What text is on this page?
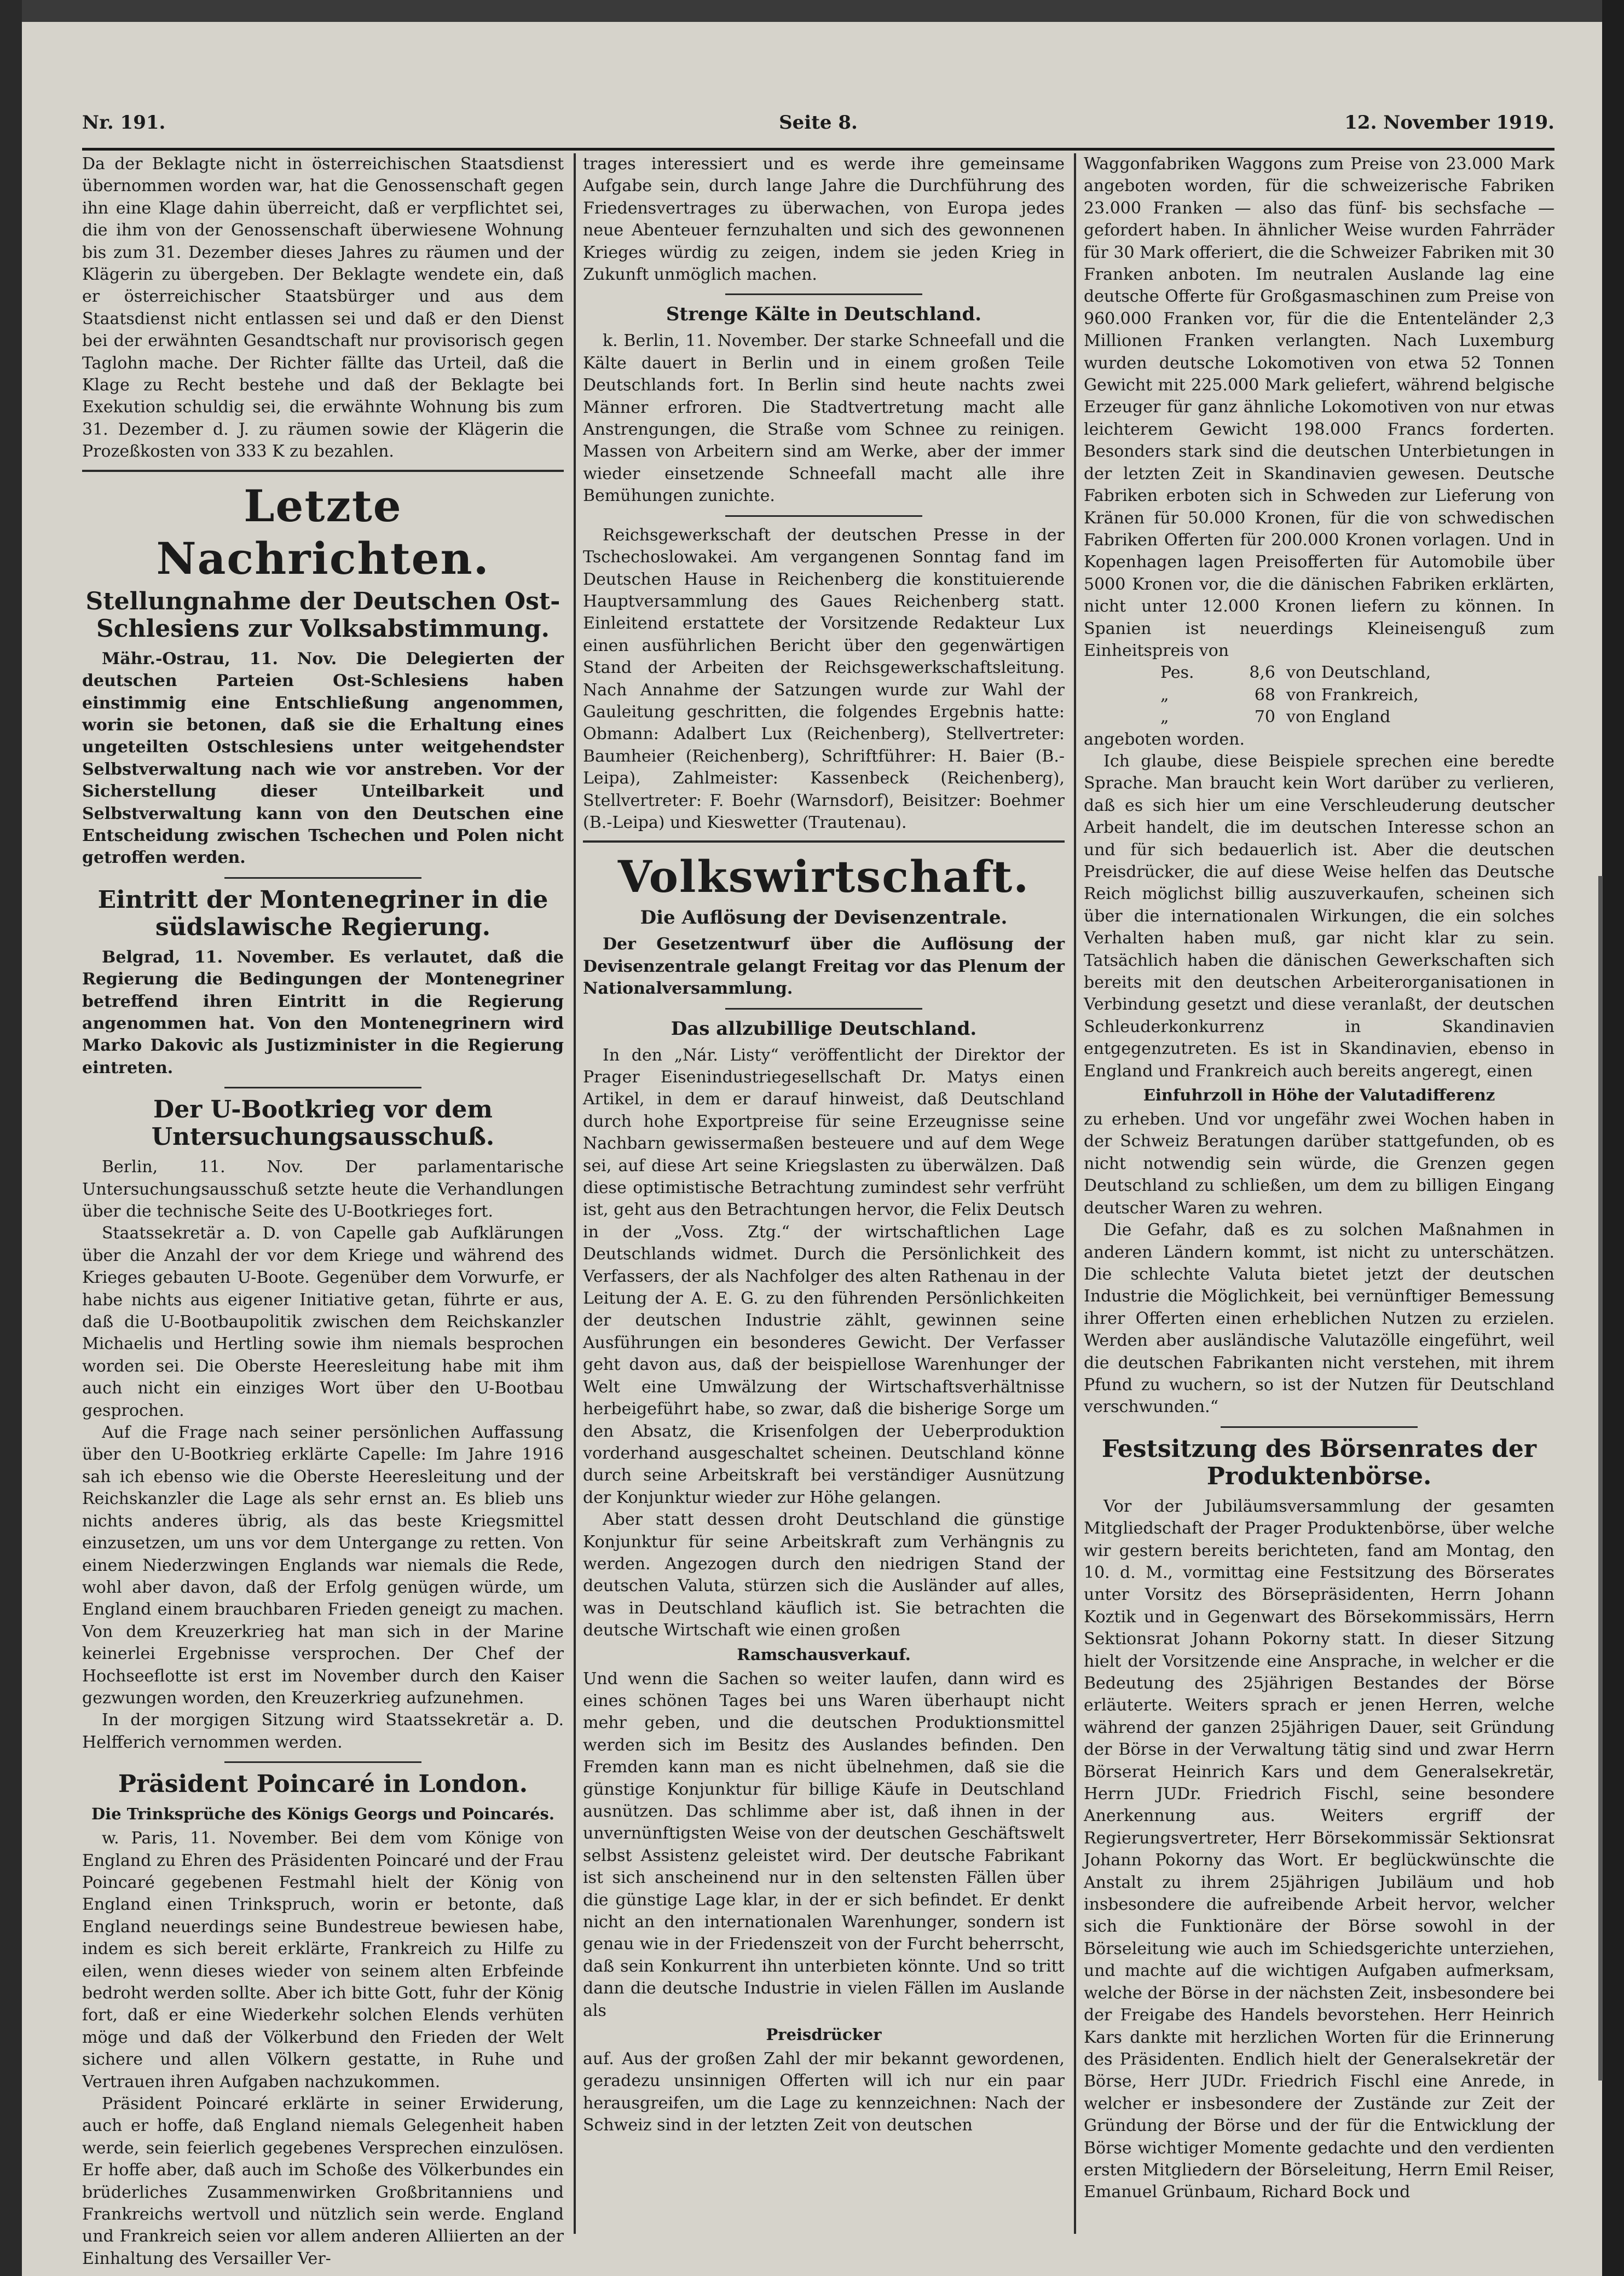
Nr. 191.	Seite 8.	12. November 1919.

Da der Beklagte nicht in österreichischen Staatsdienst übernommen worden war, hat die Genossenschaft gegen ihn eine Klage dahin überreicht, daß er verpflichtet sei, die ihm von der Genossenschaft überwiesene Wohnung bis zum 31. Dezember dieses Jahres zu räumen und der Klägerin zu übergeben. Der Beklagte wendete ein, daß er österreichischer Staatsbürger und aus dem Staatsdienst nicht entlassen sei und daß er den Dienst bei der erwähnten Gesandtschaft nur provisorisch gegen Taglohn mache. Der Richter fällte das Urteil, daß die Klage zu Recht bestehe und daß der Beklagte bei Exekution schuldig sei, die erwähnte Wohnung bis zum 31. Dezember d. J. zu räumen sowie der Klägerin die Prozeßkosten von 333 K zu bezahlen.

Letzte Nachrichten.
Stellungnahme der Deutschen Ost-Schlesiens zur Volksabstimmung.

Mähr.-Ostrau, 11. Nov. Die Delegierten der deutschen Parteien Ost-Schlesiens haben einstimmig eine Entschließung angenommen, worin sie betonen, daß sie die Erhaltung eines ungeteilten Ostschlesiens unter weitgehendster Selbstverwaltung nach wie vor anstreben. Vor der Sicherstellung dieser Unteilbarkeit und Selbstverwaltung kann von den Deutschen eine Entscheidung zwischen Tschechen und Polen nicht getroffen werden.

Eintritt der Montenegriner in die südslawische Regierung.

Belgrad, 11. November. Es verlautet, daß die Regierung die Bedingungen der Montenegriner betreffend ihren Eintritt in die Regierung angenommen hat. Von den Montenegrinern wird Marko Dakovic als Justizminister in die Regierung eintreten.

Der U-Bootkrieg vor dem Untersuchungsausschuß.

Berlin, 11. Nov. Der parlamentarische Untersuchungsausschuß setzte heute die Verhandlungen über die technische Seite des U-Bootkrieges fort.

Staatssekretär a. D. von Capelle gab Aufklärungen über die Anzahl der vor dem Kriege und während des Krieges gebauten U-Boote. Gegenüber dem Vorwurfe, er habe nichts aus eigener Initiative getan, führte er aus, daß die U-Bootbaupolitik zwischen dem Reichskanzler Michaelis und Hertling sowie ihm niemals besprochen worden sei. Die Oberste Heeresleitung habe mit ihm auch nicht ein einziges Wort über den U-Bootbau gesprochen.

Auf die Frage nach seiner persönlichen Auffassung über den U-Bootkrieg erklärte Capelle: Im Jahre 1916 sah ich ebenso wie die Oberste Heeresleitung und der Reichskanzler die Lage als sehr ernst an. Es blieb uns nichts anderes übrig, als das beste Kriegsmittel einzusetzen, um uns vor dem Untergange zu retten. Von einem Niederzwingen Englands war niemals die Rede, wohl aber davon, daß der Erfolg genügen würde, um England einem brauchbaren Frieden geneigt zu machen. Von dem Kreuzerkrieg hat man sich in der Marine keinerlei Ergebnisse versprochen. Der Chef der Hochseeflotte ist erst im November durch den Kaiser gezwungen worden, den Kreuzerkrieg aufzunehmen.

In der morgigen Sitzung wird Staatssekretär a. D. Helfferich vernommen werden.

Präsident Poincaré in London.
Die Trinksprüche des Königs Georgs und Poincarés.

w. Paris, 11. November. Bei dem vom Könige von England zu Ehren des Präsidenten Poincaré und der Frau Poincaré gegebenen Festmahl hielt der König von England einen Trinkspruch, worin er betonte, daß England neuerdings seine Bundestreue bewiesen habe, indem es sich bereit erklärte, Frankreich zu Hilfe zu eilen, wenn dieses wieder von seinem alten Erbfeinde bedroht werden sollte. Aber ich bitte Gott, fuhr der König fort, daß er eine Wiederkehr solchen Elends verhüten möge und daß der Völkerbund den Frieden der Welt sichere und allen Völkern gestatte, in Ruhe und Vertrauen ihren Aufgaben nachzukommen.

Präsident Poincaré erklärte in seiner Erwiderung, auch er hoffe, daß England niemals Gelegenheit haben werde, sein feierlich gegebenes Versprechen einzulösen. Er hoffe aber, daß auch im Schoße des Völkerbundes ein brüderliches Zusammenwirken Großbritanniens und Frankreichs wertvoll und nützlich sein werde. England und Frankreich seien vor allem anderen Alliierten an der Einhaltung des Versailler Ver-

trages interessiert und es werde ihre gemeinsame Aufgabe sein, durch lange Jahre die Durchführung des Friedensvertrages zu überwachen, von Europa jedes neue Abenteuer fernzuhalten und sich des gewonnenen Krieges würdig zu zeigen, indem sie jeden Krieg in Zukunft unmöglich machen.

Strenge Kälte in Deutschland.

k. Berlin, 11. November. Der starke Schneefall und die Kälte dauert in Berlin und in einem großen Teile Deutschlands fort. In Berlin sind heute nachts zwei Männer erfroren. Die Stadtvertretung macht alle Anstrengungen, die Straße vom Schnee zu reinigen. Massen von Arbeitern sind am Werke, aber der immer wieder einsetzende Schneefall macht alle ihre Bemühungen zunichte.

Reichsgewerkschaft der deutschen Presse in der Tschechoslowakei. Am vergangenen Sonntag fand im Deutschen Hause in Reichenberg die konstituierende Hauptversammlung des Gaues Reichenberg statt. Einleitend erstattete der Vorsitzende Redakteur Lux einen ausführlichen Bericht über den gegenwärtigen Stand der Arbeiten der Reichsgewerkschaftsleitung. Nach Annahme der Satzungen wurde zur Wahl der Gauleitung geschritten, die folgendes Ergebnis hatte: Obmann: Adalbert Lux (Reichenberg), Stellvertreter: Baumheier (Reichenberg), Schriftführer: H. Baier (B.-Leipa), Zahlmeister: Kassenbeck (Reichenberg), Stellvertreter: F. Boehr (Warnsdorf), Beisitzer: Boehmer (B.-Leipa) und Kieswetter (Trautenau).

Volkswirtschaft.
Die Auflösung der Devisenzentrale.

Der Gesetzentwurf über die Auflösung der Devisenzentrale gelangt Freitag vor das Plenum der Nationalversammlung.

Das allzubillige Deutschland.

In den „Nár. Listy“ veröffentlicht der Direktor der Prager Eisenindustriegesellschaft Dr. Matys einen Artikel, in dem er darauf hinweist, daß Deutschland durch hohe Exportpreise für seine Erzeugnisse seine Nachbarn gewissermaßen besteuere und auf dem Wege sei, auf diese Art seine Kriegslasten zu überwälzen. Daß diese optimistische Betrachtung zumindest sehr verfrüht ist, geht aus den Betrachtungen hervor, die Felix Deutsch in der „Voss. Ztg.“ der wirtschaftlichen Lage Deutschlands widmet. Durch die Persönlichkeit des Verfassers, der als Nachfolger des alten Rathenau in der Leitung der A. E. G. zu den führenden Persönlichkeiten der deutschen Industrie zählt, gewinnen seine Ausführungen ein besonderes Gewicht. Der Verfasser geht davon aus, daß der beispiellose Warenhunger der Welt eine Umwälzung der Wirtschaftsverhältnisse herbeigeführt habe, so zwar, daß die bisherige Sorge um den Absatz, die Krisenfolgen der Ueberproduktion vorderhand ausgeschaltet scheinen. Deutschland könne durch seine Arbeitskraft bei verständiger Ausnützung der Konjunktur wieder zur Höhe gelangen.

Aber statt dessen droht Deutschland die günstige Konjunktur für seine Arbeitskraft zum Verhängnis zu werden. Angezogen durch den niedrigen Stand der deutschen Valuta, stürzen sich die Ausländer auf alles, was in Deutschland käuflich ist. Sie betrachten die deutsche Wirtschaft wie einen großen

Ramschausverkauf.

Und wenn die Sachen so weiter laufen, dann wird es eines schönen Tages bei uns Waren überhaupt nicht mehr geben, und die deutschen Produktionsmittel werden sich im Besitz des Auslandes befinden. Den Fremden kann man es nicht übelnehmen, daß sie die günstige Konjunktur für billige Käufe in Deutschland ausnützen. Das schlimme aber ist, daß ihnen in der unvernünftigsten Weise von der deutschen Geschäftswelt selbst Assistenz geleistet wird. Der deutsche Fabrikant ist sich anscheinend nur in den seltensten Fällen über die günstige Lage klar, in der er sich befindet. Er denkt nicht an den internationalen Warenhunger, sondern ist genau wie in der Friedenszeit von der Furcht beherrscht, daß sein Konkurrent ihn unterbieten könnte. Und so tritt dann die deutsche Industrie in vielen Fällen im Auslande als

Preisdrücker

auf. Aus der großen Zahl der mir bekannt gewordenen, geradezu unsinnigen Offerten will ich nur ein paar herausgreifen, um die Lage zu kennzeichnen: Nach der Schweiz sind in der letzten Zeit von deutschen

Waggonfabriken Waggons zum Preise von 23.000 Mark angeboten worden, für die schweizerische Fabriken 23.000 Franken — also das fünf- bis sechsfache — gefordert haben. In ähnlicher Weise wurden Fahrräder für 30 Mark offeriert, die die Schweizer Fabriken mit 30 Franken anboten. Im neutralen Auslande lag eine deutsche Offerte für Großgasmaschinen zum Preise von 960.000 Franken vor, für die die Ententeländer 2,3 Millionen Franken verlangten. Nach Luxemburg wurden deutsche Lokomotiven von etwa 52 Tonnen Gewicht mit 225.000 Mark geliefert, während belgische Erzeuger für ganz ähnliche Lokomotiven von nur etwas leichterem Gewicht 198.000 Francs forderten. Besonders stark sind die deutschen Unterbietungen in der letzten Zeit in Skandinavien gewesen. Deutsche Fabriken erboten sich in Schweden zur Lieferung von Kränen für 50.000 Kronen, für die von schwedischen Fabriken Offerten für 200.000 Kronen vorlagen. Und in Kopenhagen lagen Preisofferten für Automobile über 5000 Kronen vor, die die dänischen Fabriken erklärten, nicht unter 12.000 Kronen liefern zu können. In Spanien ist neuerdings Kleineisenguß zum Einheitspreis von

Pes.	8,6 von Deutschland,
„	68 von Frankreich,
„	70 von England

angeboten worden.

Ich glaube, diese Beispiele sprechen eine beredte Sprache. Man braucht kein Wort darüber zu verlieren, daß es sich hier um eine Verschleuderung deutscher Arbeit handelt, die im deutschen Interesse schon an und für sich bedauerlich ist. Aber die deutschen Preisdrücker, die auf diese Weise helfen das Deutsche Reich möglichst billig auszuverkaufen, scheinen sich über die internationalen Wirkungen, die ein solches Verhalten haben muß, gar nicht klar zu sein. Tatsächlich haben die dänischen Gewerkschaften sich bereits mit den deutschen Arbeiterorganisationen in Verbindung gesetzt und diese veranlaßt, der deutschen Schleuderkonkurrenz in Skandinavien entgegenzutreten. Es ist in Skandinavien, ebenso in England und Frankreich auch bereits angeregt, einen

Einfuhrzoll in Höhe der Valutadifferenz

zu erheben. Und vor ungefähr zwei Wochen haben in der Schweiz Beratungen darüber stattgefunden, ob es nicht notwendig sein würde, die Grenzen gegen Deutschland zu schließen, um dem zu billigen Eingang deutscher Waren zu wehren.

Die Gefahr, daß es zu solchen Maßnahmen in anderen Ländern kommt, ist nicht zu unterschätzen. Die schlechte Valuta bietet jetzt der deutschen Industrie die Möglichkeit, bei vernünftiger Bemessung ihrer Offerten einen erheblichen Nutzen zu erzielen. Werden aber ausländische Valutazölle eingeführt, weil die deutschen Fabrikanten nicht verstehen, mit ihrem Pfund zu wuchern, so ist der Nutzen für Deutschland verschwunden.“

Festsitzung des Börsenrates der Produktenbörse.

Vor der Jubiläumsversammlung der gesamten Mitgliedschaft der Prager Produktenbörse, über welche wir gestern bereits berichteten, fand am Montag, den 10. d. M., vormittag eine Festsitzung des Börserates unter Vorsitz des Börsepräsidenten, Herrn Johann Koztik und in Gegenwart des Börsekommissärs, Herrn Sektionsrat Johann Pokorny statt. In dieser Sitzung hielt der Vorsitzende eine Ansprache, in welcher er die Bedeutung des 25jährigen Bestandes der Börse erläuterte. Weiters sprach er jenen Herren, welche während der ganzen 25jährigen Dauer, seit Gründung der Börse in der Verwaltung tätig sind und zwar Herrn Börserat Heinrich Kars und dem Generalsekretär, Herrn JUDr. Friedrich Fischl, seine besondere Anerkennung aus. Weiters ergriff der Regierungsvertreter, Herr Börsekommissär Sektionsrat Johann Pokorny das Wort. Er beglückwünschte die Anstalt zu ihrem 25jährigen Jubiläum und hob insbesondere die aufreibende Arbeit hervor, welcher sich die Funktionäre der Börse sowohl in der Börseleitung wie auch im Schiedsgerichte unterziehen, und machte auf die wichtigen Aufgaben aufmerksam, welche der Börse in der nächsten Zeit, insbesondere bei der Freigabe des Handels bevorstehen. Herr Heinrich Kars dankte mit herzlichen Worten für die Erinnerung des Präsidenten. Endlich hielt der Generalsekretär der Börse, Herr JUDr. Friedrich Fischl eine Anrede, in welcher er insbesondere der Zustände zur Zeit der Gründung der Börse und der für die Entwicklung der Börse wichtiger Momente gedachte und den verdienten ersten Mitgliedern der Börseleitung, Herrn Emil Reiser, Emanuel Grünbaum, Richard Bock und
